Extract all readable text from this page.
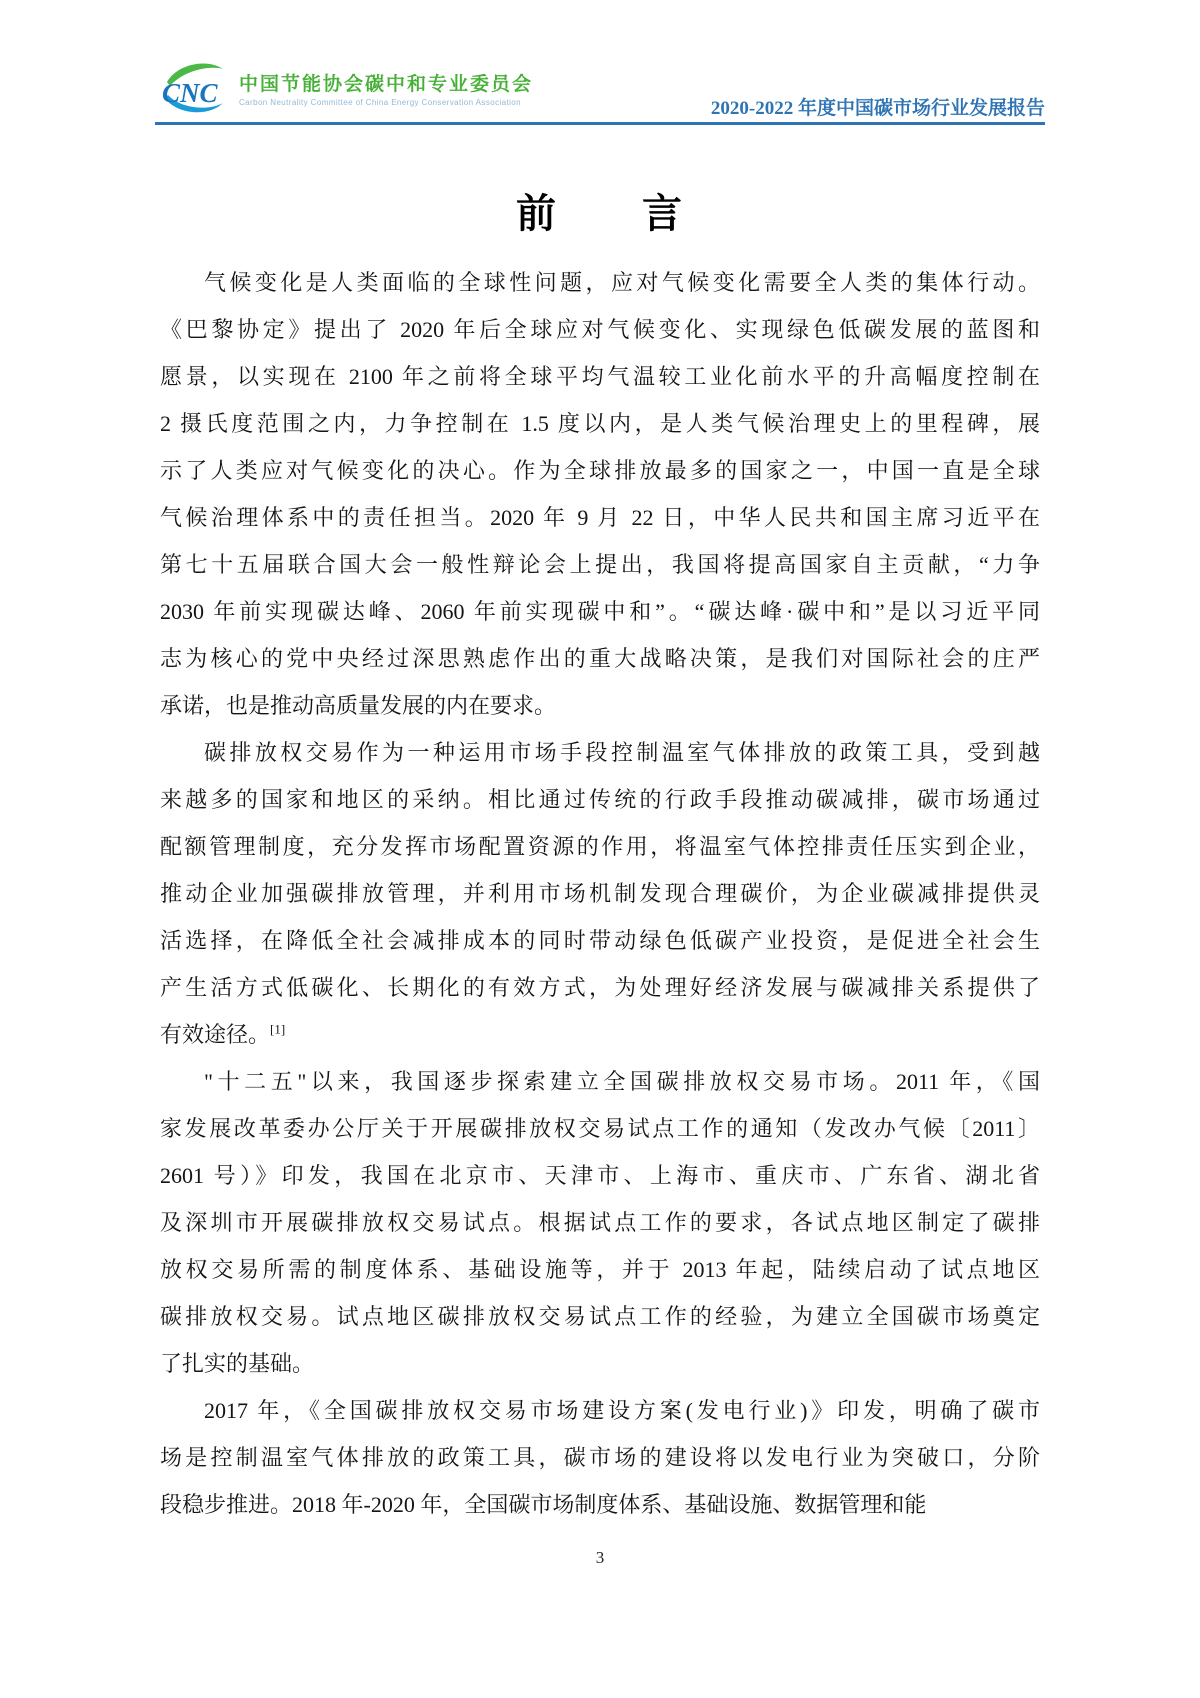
CNC 中国节能协会碳中和专业委员会
Carbon Neutrality Committee of China Energy Conservation Association	2020-2022 年度中国碳市场行业发展报告
前　　言
气候变化是人类面临的全球性问题，应对气候变化需要全人类的集体行动。
《巴黎协定》提出了 2020 年后全球应对气候变化、实现绿色低碳发展的蓝图和
愿景，以实现在 2100 年之前将全球平均气温较工业化前水平的升高幅度控制在
2 摄氏度范围之内，力争控制在 1.5 度以内，是人类气候治理史上的里程碑，展
示了人类应对气候变化的决心。作为全球排放最多的国家之一，中国一直是全球
气候治理体系中的责任担当。2020 年 9 月 22 日，中华人民共和国主席习近平在
第七十五届联合国大会一般性辩论会上提出，我国将提高国家自主贡献，“力争
2030 年前实现碳达峰、2060 年前实现碳中和”。“碳达峰·碳中和”是以习近平同
志为核心的党中央经过深思熟虑作出的重大战略决策，是我们对国际社会的庄严
承诺，也是推动高质量发展的内在要求。
碳排放权交易作为一种运用市场手段控制温室气体排放的政策工具，受到越
来越多的国家和地区的采纳。相比通过传统的行政手段推动碳减排，碳市场通过
配额管理制度，充分发挥市场配置资源的作用，将温室气体控排责任压实到企业，
推动企业加强碳排放管理，并利用市场机制发现合理碳价，为企业碳减排提供灵
活选择，在降低全社会减排成本的同时带动绿色低碳产业投资，是促进全社会生
产生活方式低碳化、长期化的有效方式，为处理好经济发展与碳减排关系提供了
有效途径。[1]
"十二五"以来，我国逐步探索建立全国碳排放权交易市场。2011 年，《国
家发展改革委办公厅关于开展碳排放权交易试点工作的通知（发改办气候〔2011〕
2601 号）》印发，我国在北京市、天津市、上海市、重庆市、广东省、湖北省
及深圳市开展碳排放权交易试点。根据试点工作的要求，各试点地区制定了碳排
放权交易所需的制度体系、基础设施等，并于 2013 年起，陆续启动了试点地区
碳排放权交易。试点地区碳排放权交易试点工作的经验，为建立全国碳市场奠定
了扎实的基础。
2017 年，《全国碳排放权交易市场建设方案(发电行业)》印发，明确了碳市
场是控制温室气体排放的政策工具，碳市场的建设将以发电行业为突破口，分阶
段稳步推进。2018 年-2020 年，全国碳市场制度体系、基础设施、数据管理和能
3
